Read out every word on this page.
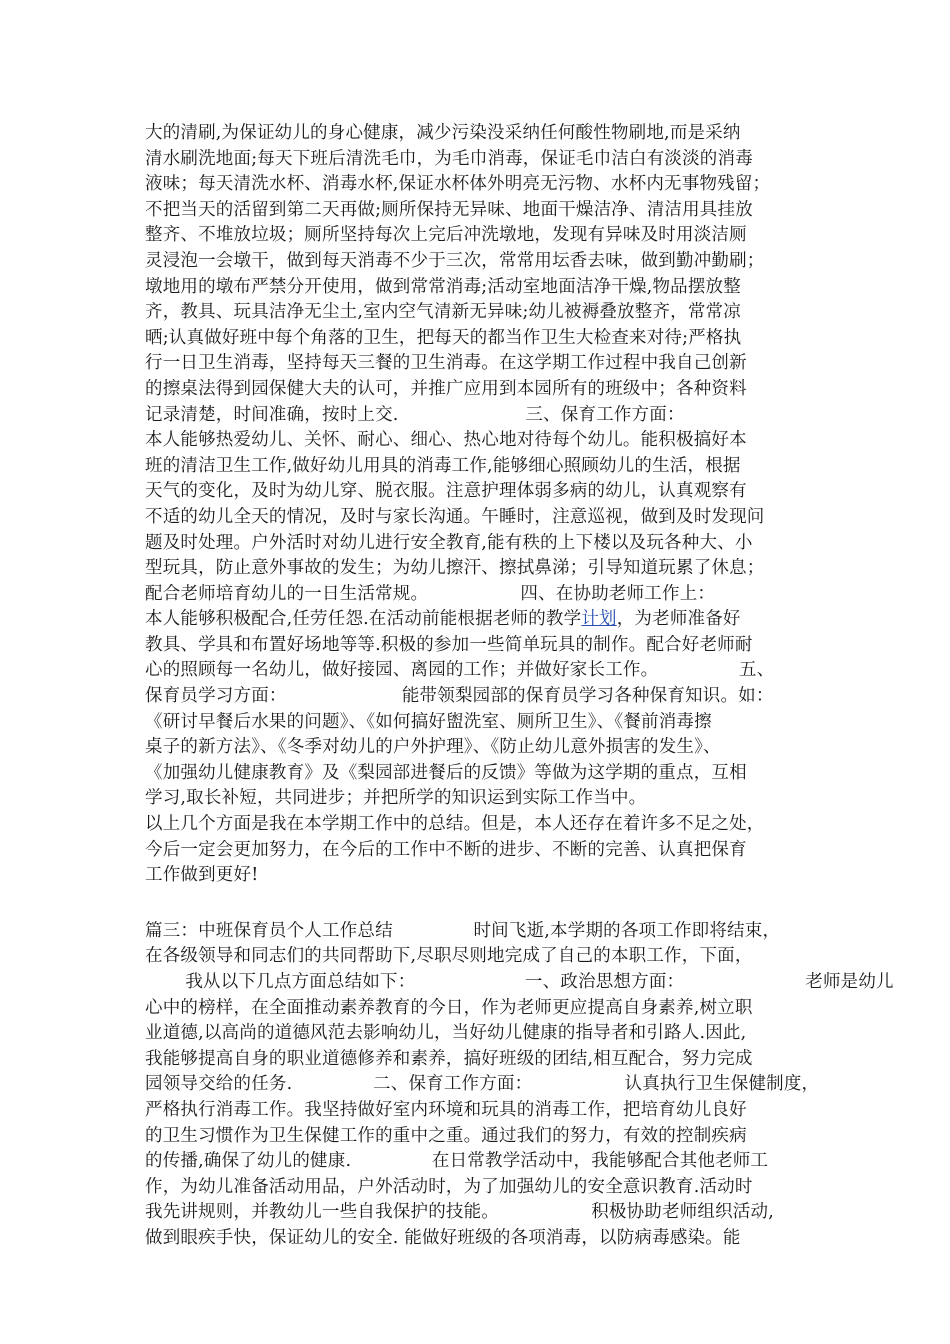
大的清刷,为保证幼儿的身心健康，减少污染没采纳任何酸性物刷地,而是采纳
清水刷洗地面;每天下班后清洗毛巾，为毛巾消毒，保证毛巾洁白有淡淡的消毒
液味；每天清洗水杯、消毒水杯,保证水杯体外明亮无污物、水杯内无事物残留；
不把当天的活留到第二天再做;厕所保持无异味、地面干燥洁净、清洁用具挂放
整齐、不堆放垃圾；厕所坚持每次上完后冲洗墩地，发现有异味及时用淡洁厕
灵浸泡一会墩干，做到每天消毒不少于三次，常常用坛香去味，做到勤冲勤刷；
墩地用的墩布严禁分开使用，做到常常消毒;活动室地面洁净干燥,物品摆放整
齐，教具、玩具洁净无尘土,室内空气清新无异味;幼儿被褥叠放整齐，常常凉
晒;认真做好班中每个角落的卫生，把每天的都当作卫生大检查来对待;严格执
行一日卫生消毒，坚持每天三餐的卫生消毒。在这学期工作过程中我自己创新
的擦桌法得到园保健大夫的认可，并推广应用到本园所有的班级中；各种资料
记录清楚，时间准确，按时上交.                      三、保育工作方面：
本人能够热爱幼儿、关怀、耐心、细心、热心地对待每个幼儿。能积极搞好本
班的清洁卫生工作,做好幼儿用具的消毒工作,能够细心照顾幼儿的生活，根据
天气的变化，及时为幼儿穿、脱衣服。注意护理体弱多病的幼儿，认真观察有
不适的幼儿全天的情况，及时与家长沟通。午睡时，注意巡视，做到及时发现问
题及时处理。户外活时对幼儿进行安全教育,能有秩的上下楼以及玩各种大、小
型玩具，防止意外事故的发生；为幼儿擦汗、擦拭鼻涕；引导知道玩累了休息；
配合老师培育幼儿的一日生活常规。                四、在协助老师工作上：
本人能够积极配合,任劳任怨.在活动前能根据老师的教学计划，为老师准备好
教具、学具和布置好场地等等.积极的参加一些简单玩具的制作。配合好老师耐
心的照顾每一名幼儿，做好接园、离园的工作；并做好家长工作。              五、
保育员学习方面：                    能带领梨园部的保育员学习各种保育知识。如：
《研讨早餐后水果的问题》、《如何搞好盥洗室、厕所卫生》、《餐前消毒擦
桌子的新方法》、《冬季对幼儿的户外护理》、《防止幼儿意外损害的发生》、
《加强幼儿健康教育》及《梨园部进餐后的反馈》等做为这学期的重点，互相
学习,取长补短，共同进步；并把所学的知识运到实际工作当中。
以上几个方面是我在本学期工作中的总结。但是，本人还存在着许多不足之处，
今后一定会更加努力，在今后的工作中不断的进步、不断的完善、认真把保育
工作做到更好!
篇三：中班保育员个人工作总结              时间飞逝,本学期的各项工作即将结束，
在各级领导和同志们的共同帮助下,尽职尽则地完成了自己的本职工作，下面，
我从以下几点方面总结如下：                   一、政治思想方面：                     老师是幼儿
心中的榜样，在全面推动素养教育的今日，作为老师更应提高自身素养,树立职
业道德,以高尚的道德风范去影响幼儿，当好幼儿健康的指导者和引路人.因此,
我能够提高自身的职业道德修养和素养，搞好班级的团结,相互配合，努力完成
园领导交给的任务.              二、保育工作方面：                认真执行卫生保健制度，
严格执行消毒工作。我坚持做好室内环境和玩具的消毒工作，把培育幼儿良好
的卫生习惯作为卫生保健工作的重中之重。通过我们的努力，有效的控制疾病
的传播,确保了幼儿的健康.              在日常教学活动中，我能够配合其他老师工
作，为幼儿准备活动用品，户外活动时，为了加强幼儿的安全意识教育.活动时
我先讲规则，并教幼儿一些自我保护的技能。                积极协助老师组织活动,
做到眼疾手快，保证幼儿的安全. 能做好班级的各项消毒，以防病毒感染。能
